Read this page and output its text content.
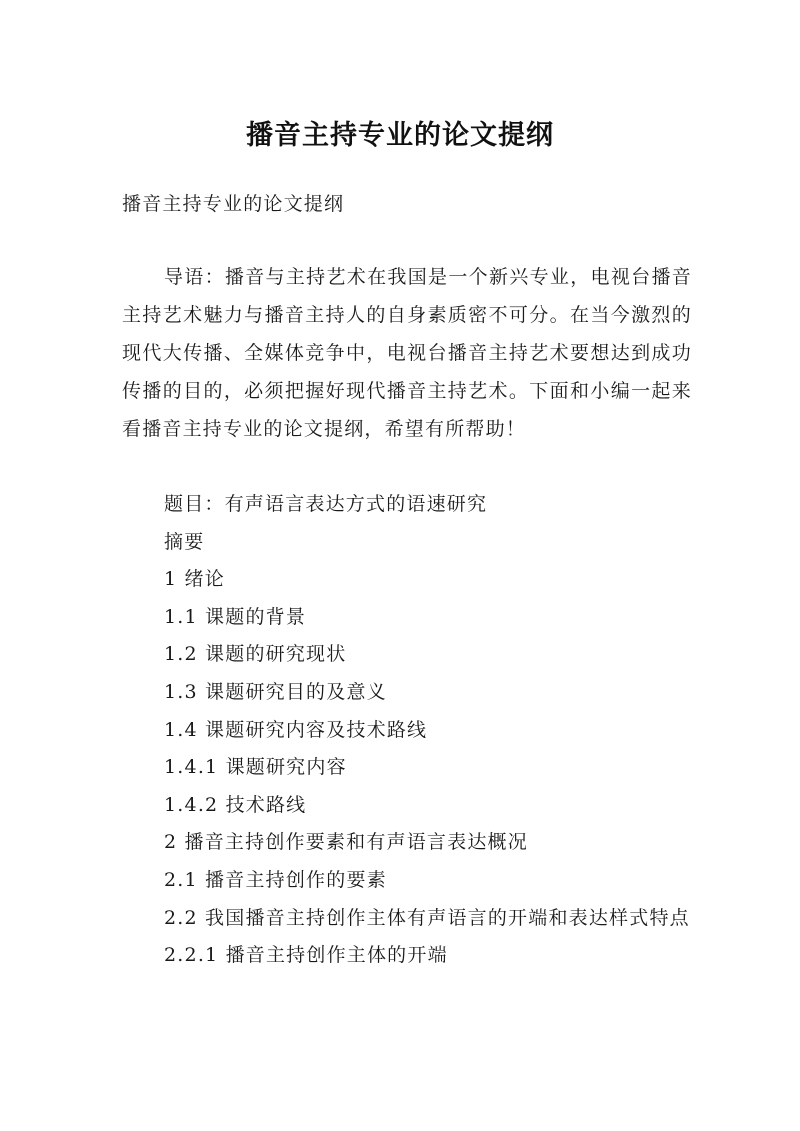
播音主持专业的论文提纲
播音主持专业的论文提纲

导语：播音与主持艺术在我国是一个新兴专业，电视台播音主持艺术魅力与播音主持人的自身素质密不可分。在当今激烈的现代大传播、全媒体竞争中，电视台播音主持艺术要想达到成功传播的目的，必须把握好现代播音主持艺术。下面和小编一起来看播音主持专业的论文提纲，希望有所帮助！

题目：有声语言表达方式的语速研究
摘要
1 绪论
1.1 课题的背景
1.2 课题的研究现状
1.3 课题研究目的及意义
1.4 课题研究内容及技术路线
1.4.1 课题研究内容
1.4.2 技术路线
2 播音主持创作要素和有声语言表达概况
2.1 播音主持创作的要素
2.2 我国播音主持创作主体有声语言的开端和表达样式特点
2.2.1 播音主持创作主体的开端
